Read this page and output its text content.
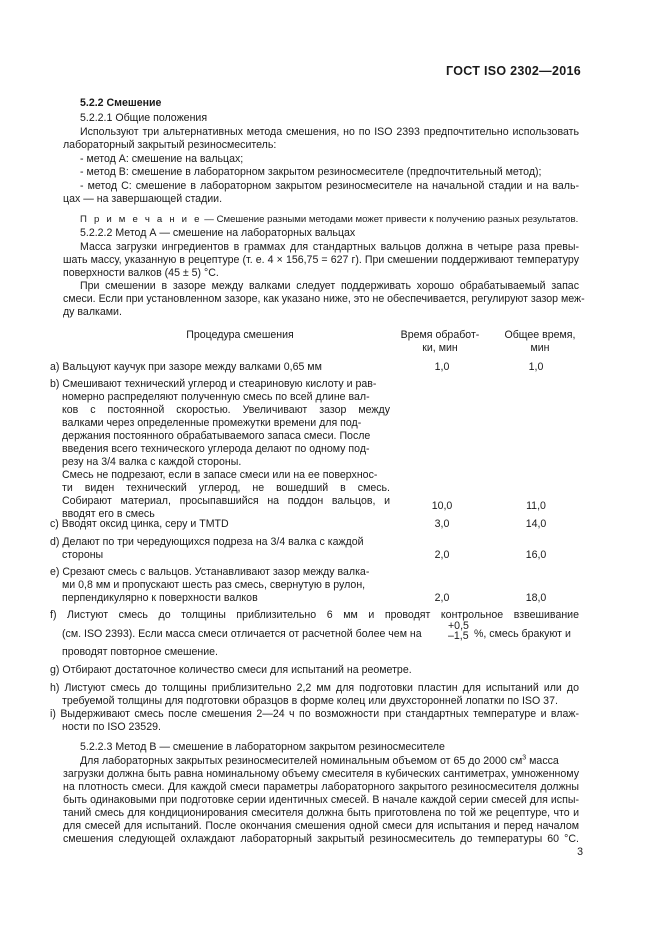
ГОСТ ISO 2302—2016
5.2.2 Смешение
5.2.2.1 Общие положения
Используют три альтернативных метода смешения, но по ISO 2393 предпочтительно использовать
лабораторный закрытый резиносмеситель:
- метод А: смешение на вальцах;
- метод В: смешение в лабораторном закрытом резиносмесителе (предпочтительный метод);
- метод С: смешение в лабораторном закрытом резиносмесителе на начальной стадии и на валь-
цах — на завершающей стадии.
П р и м е ч а н и е — Смешение разными методами может привести к получению разных результатов.
5.2.2.2 Метод А — смешение на лабораторных вальцах
Масса загрузки ингредиентов в граммах для стандартных вальцов должна в четыре раза превы-
шать массу, указанную в рецептуре (т. е. 4 × 156,75 = 627 г). При смешении поддерживают температуру
поверхности валков (45 ± 5) °С.
При смешении в зазоре между валками следует поддерживать хорошо обрабатываемый запас
смеси. Если при установленном зазоре, как указано ниже, это не обеспечивается, регулируют зазор меж-
ду валками.
Процедура смешения	Время обработ-
ки, мин
Общее время,
мин
а) Вальцуют каучук при зазоре между валками 0,65 мм	1,0	1,0
b) Смешивают технический углерод и стеариновую кислоту и рав-
номерно распределяют полученную смесь по всей длине вал-
ков с постоянной скоростью. Увеличивают зазор между
валками через определенные промежутки времени для под-
держания постоянного обрабатываемого запаса смеси. После
введения всего технического углерода делают по одному под-
резу на 3/4 валка с каждой стороны.
Смесь не подрезают, если в запасе смеси или на ее поверхнос-
ти виден технический углерод, не вошедший в смесь.
Собирают материал, просыпавшийся на поддон вальцов, и
вводят его в смесь
10,0	11,0
с) Вводят оксид цинка, серу и TMTD	3,0	14,0
d) Делают по три чередующихся подреза на 3/4 валка с каждой
стороны	2,0	16,0
е) Срезают смесь с вальцов. Устанавливают зазор между валка-
ми 0,8 мм и пропускают шесть раз смесь, свернутую в рулон,
перпендикулярно к поверхности валков	2,0	18,0
f) Листуют смесь до толщины приблизительно 6 мм и проводят контрольное взвешивание
(см. ISO 2393). Если масса смеси отличается от расчетной более чем на
+0,5
–1,5 %, смесь бракуют и
проводят повторное смешение.
g) Отбирают достаточное количество смеси для испытаний на реометре.
h) Листуют смесь до толщины приблизительно 2,2 мм для подготовки пластин для испытаний или до
требуемой толщины для подготовки образцов в форме колец или двухсторонней лопатки по ISO 37.
i) Выдерживают смесь после смешения 2—24 ч по возможности при стандартных температуре и влаж-
ности по ISO 23529.
5.2.2.3 Метод В — смешение в лабораторном закрытом резиносмесителе
Для лабораторных закрытых резиносмесителей номинальным объемом от 65 до 2000 $см^3$ масса
загрузки должна быть равна номинальному объему смесителя в кубических сантиметрах, умноженному
на плотность смеси. Для каждой смеси параметры лабораторного закрытого резиносмесителя должны
быть одинаковыми при подготовке серии идентичных смесей. В начале каждой серии смесей для испы-
таний смесь для кондиционирования смесителя должна быть приготовлена по той же рецептуре, что и
для смесей для испытаний. После окончания смешения одной смеси для испытания и перед началом
смешения следующей охлаждают лабораторный закрытый резиносмеситель до температуры 60 °С.
3
